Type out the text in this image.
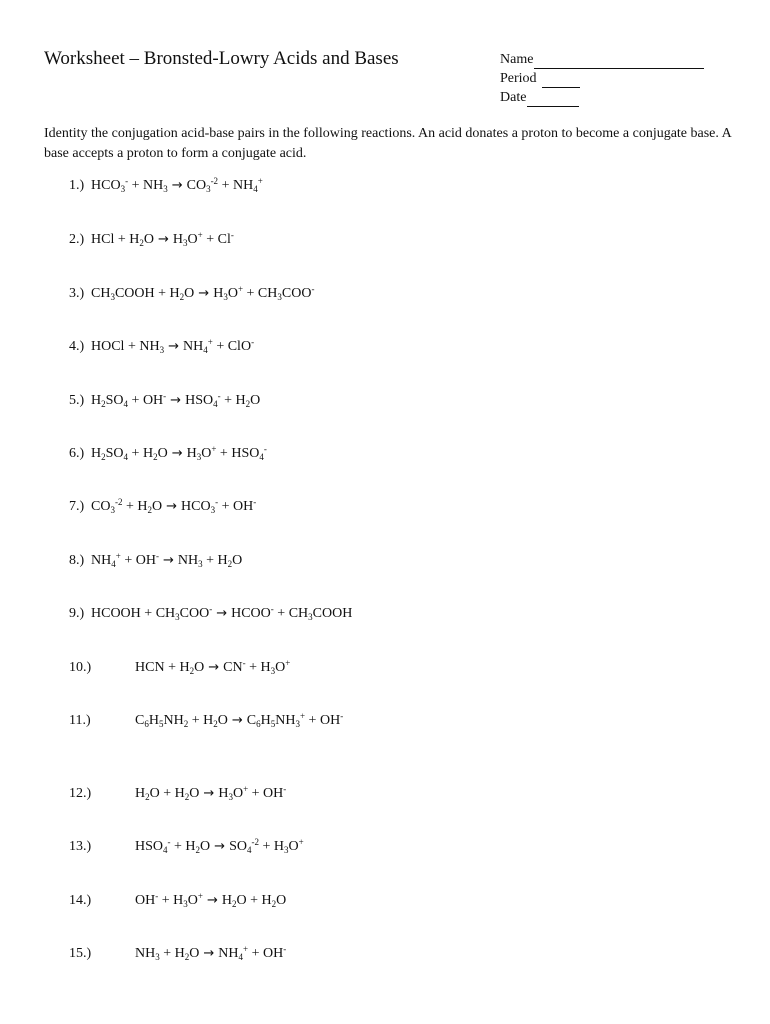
Worksheet – Bronsted-Lowry Acids and Bases	Name
Period
Date

Identity the conjugation acid-base pairs in the following reactions. An acid donates a proton to become a conjugate base. A base accepts a proton to form a conjugate acid.

1.) $HCO_3^- + NH_3 \to CO_3^{-2} + NH_4^+$
2.) HCl + $H_2O \to H_3O^+ + Cl^-$
3.) $CH_3COOH + H_2O \to H_3O^+ + CH_3COO^-$
4.) HOCl + $NH_3 \to NH_4^+ + ClO^-$
5.) $H_2SO_4 + OH^- \to HSO_4^- + H_2O$
6.) $H_2SO_4 + H_2O \to H_3O^+ + HSO_4^-$
7.) $CO_3^{-2} + H_2O \to HCO_3^- + OH^-$
8.) $NH_4^+ + OH^- \to NH_3 + H_2O$
9.) HCOOH + $CH_3COO^-$ → HCOO- + $CH_3COOH$
10.)	HCN + $H_2O \to CN^- + H_3O^+$
11.)	$C_6H_5NH_2 + H_2O \to C_6H_5NH_3^+ + OH^-$
12.)	$H_2O + H_2O \to H_3O^+ + OH^-$
13.)	$HSO_4^- + H_2O \to SO_4^{-2} + H_3O^+$
14.)	$OH^- + H_3O^+ \to H_2O + H_2O$
15.)	$NH_3 + H_2O \to NH_4^+ + OH^-$
